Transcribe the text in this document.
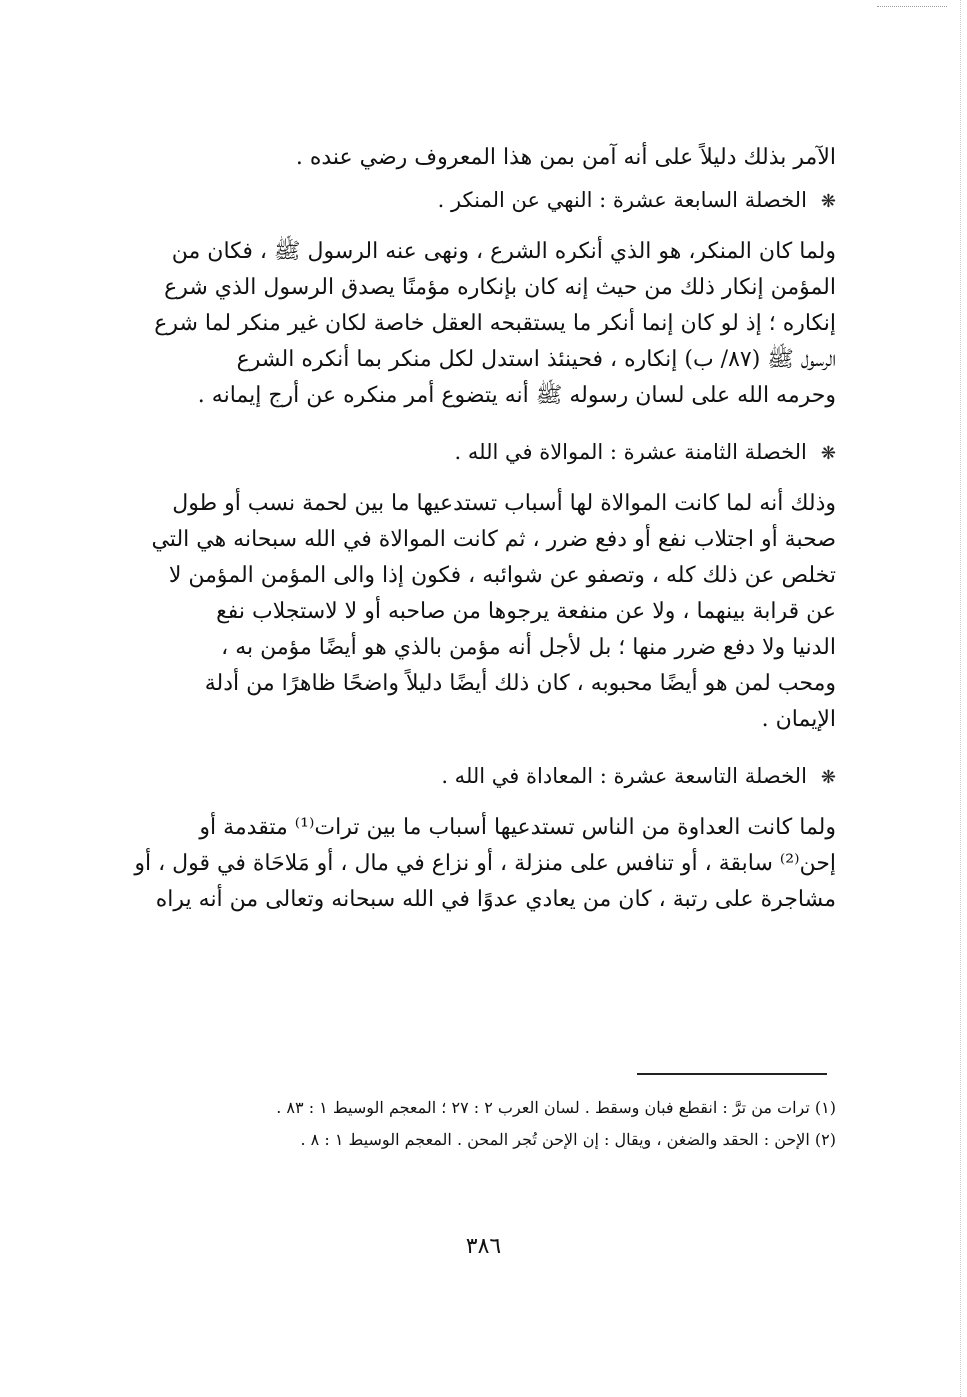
الآمر بذلك دليلاً على أنه آمن بمن هذا المعروف رضي عنده .
❋الخصلة السابعة عشرة : النهي عن المنكر .
ولما كان المنكر، هو الذي أنكره الشرع ، ونهى عنه الرسول ﷺ ، فكان من
المؤمن إنكار ذلك من حيث إنه كان بإنكاره مؤمنًا يصدق الرسول الذي شرع
إنكاره ؛ إذ لو كان إنما أنكر ما يستقبحه العقل خاصة لكان غير منكر لما شرع
الرسول ﷺ (٨٧/ ب) إنكاره ، فحينئذ استدل لكل منكر بما أنكره الشرع
وحرمه الله على لسان رسوله ﷺ أنه يتضوع أمر منكره عن أرج إيمانه .
❋الخصلة الثامنة عشرة : الموالاة في الله .
وذلك أنه لما كانت الموالاة لها أسباب تستدعيها ما بين لحمة نسب أو طول
صحبة أو اجتلاب نفع أو دفع ضرر ، ثم كانت الموالاة في الله سبحانه هي التي
تخلص عن ذلك كله ، وتصفو عن شوائبه ، فكون إذا والى المؤمن المؤمن لا
عن قرابة بينهما ، ولا عن منفعة يرجوها من صاحبه أو لا لاستجلاب نفع
الدنيا ولا دفع ضرر منها ؛ بل لأجل أنه مؤمن بالذي هو أيضًا مؤمن به ،
ومحب لمن هو أيضًا محبوبه ، كان ذلك أيضًا دليلاً واضحًا ظاهرًا من أدلة
الإيمان .
❋الخصلة التاسعة عشرة : المعاداة في الله .
ولما كانت العداوة من الناس تستدعيها أسباب ما بين ترات⁽¹⁾ متقدمة أو
إحن⁽²⁾ سابقة ، أو تنافس على منزلة ، أو نزاع في مال ، أو مَلاحَاة في قول ، أو
مشاجرة على رتبة ، كان من يعادي عدوًا في الله سبحانه وتعالى من أنه يراه
(١) ترات من ترَّ : انقطع فبان وسقط . لسان العرب ٢ : ٢٧ ؛ المعجم الوسيط ١ : ٨٣ .
(٢) الإحن : الحقد والضغن ، ويقال : إن الإحن تُجر المحن . المعجم الوسيط ١ : ٨ .
٣٨٦
